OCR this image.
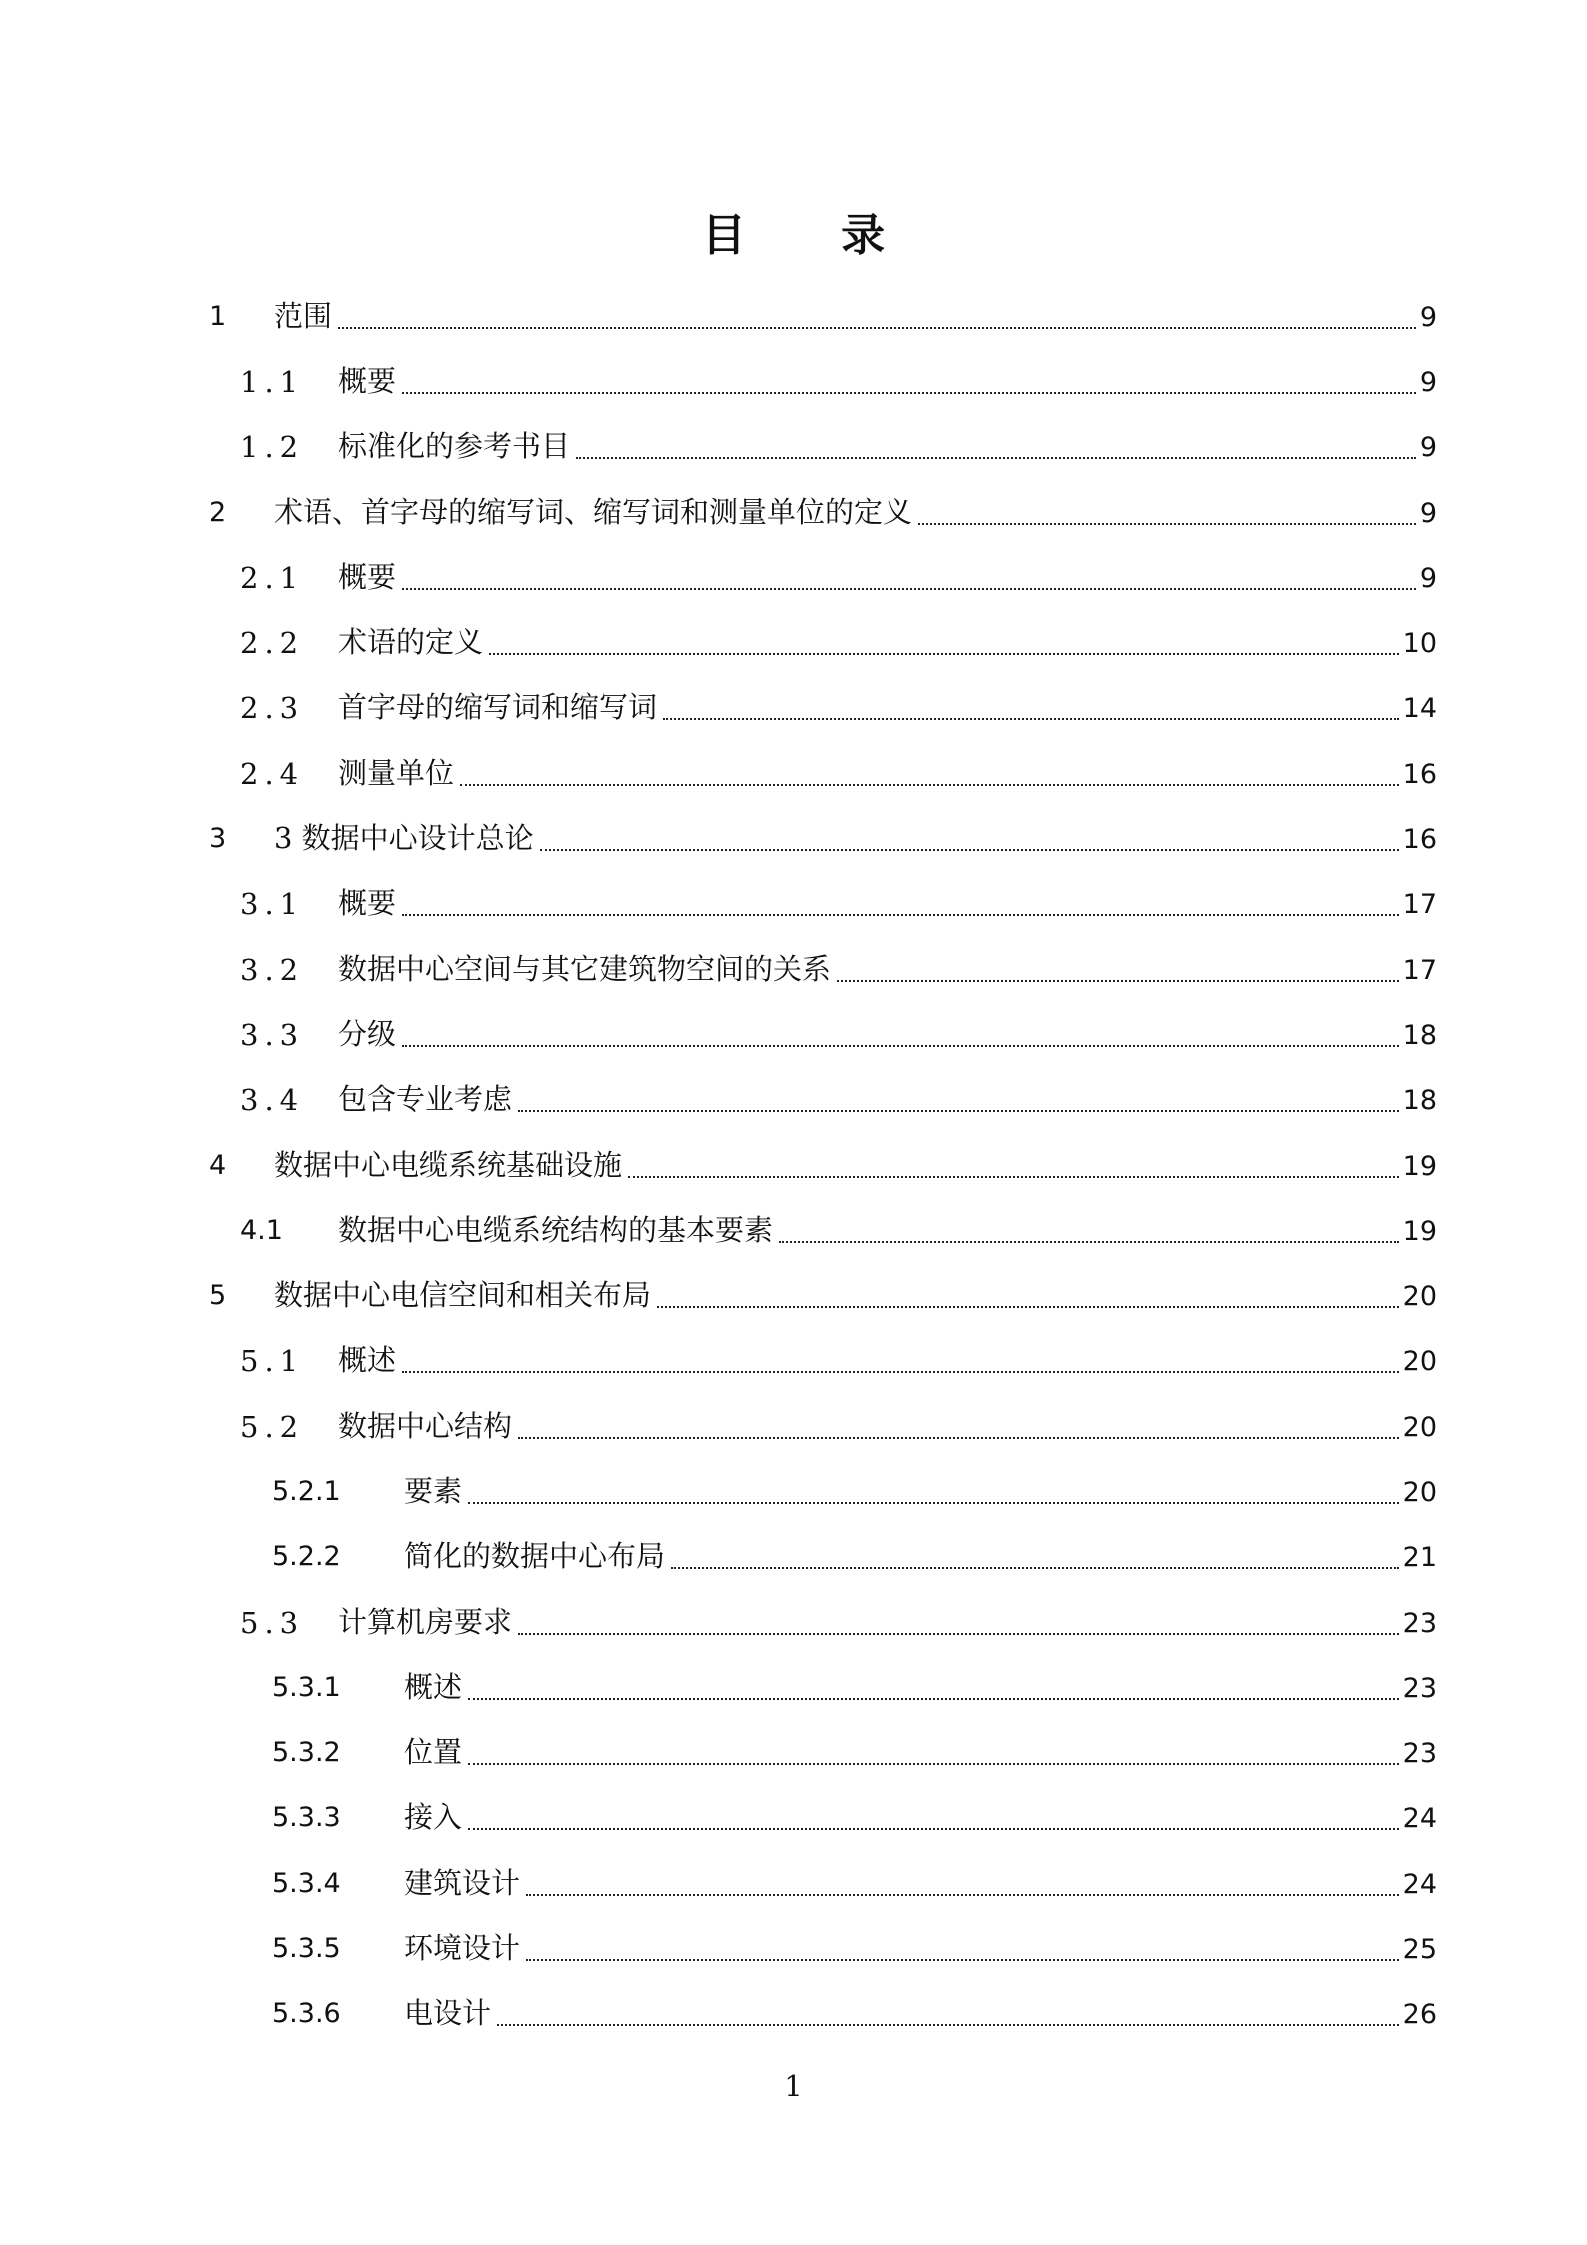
目 录
1 范围	9
1.1 概要	9
1.2 标准化的参考书目	9
2 术语、首字母的缩写词、缩写词和测量单位的定义	9
2.1 概要	9
2.2 术语的定义	10
2.3 首字母的缩写词和缩写词	14
2.4 测量单位	16
3 3 数据中心设计总论	16
3.1 概要	17
3.2 数据中心空间与其它建筑物空间的关系	17
3.3 分级	18
3.4 包含专业考虑	18
4 数据中心电缆系统基础设施	19
4.1 数据中心电缆系统结构的基本要素	19
5 数据中心电信空间和相关布局	20
5.1 概述	20
5.2 数据中心结构	20
5.2.1 要素	20
5.2.2 简化的数据中心布局	21
5.3 计算机房要求	23
5.3.1 概述	23
5.3.2 位置	23
5.3.3 接入	24
5.3.4 建筑设计	24
5.3.5 环境设计	25
5.3.6 电设计	26
1
